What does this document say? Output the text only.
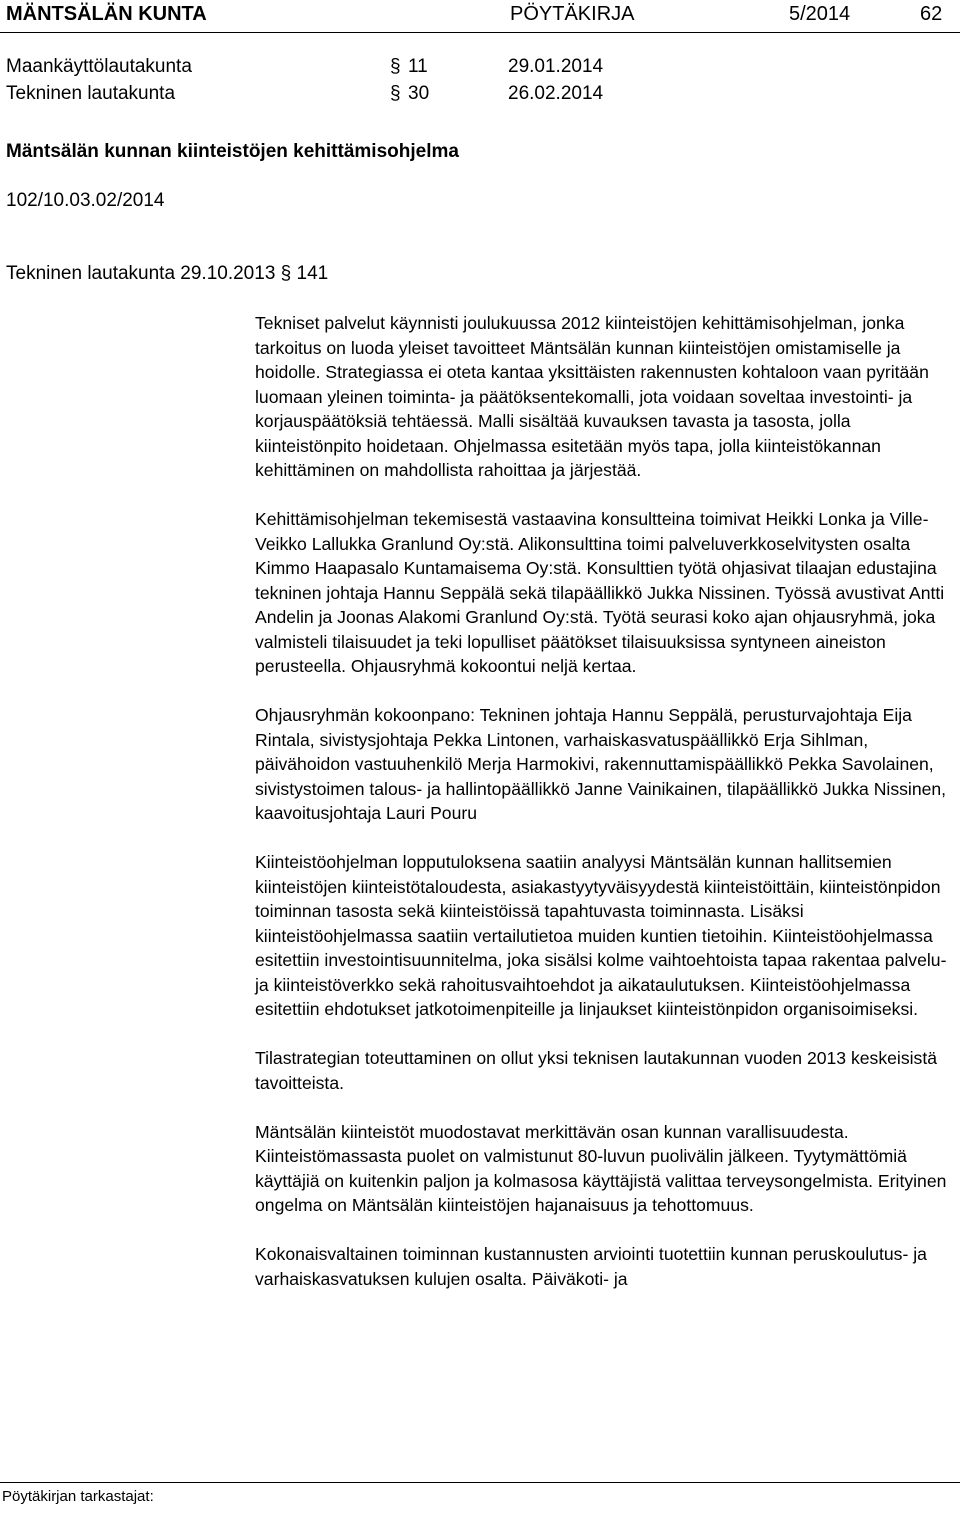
MÄNTSÄLÄN KUNTA	PÖYTÄKIRJA	5/2014	62
Maankäyttölautakunta	§ 11	29.01.2014
Tekninen lautakunta	§ 30	26.02.2014
Mäntsälän kunnan kiinteistöjen kehittämisohjelma
102/10.03.02/2014
Tekninen lautakunta 29.10.2013 § 141

Tekniset palvelut käynnisti joulukuussa 2012 kiinteistöjen kehittämisohjelman, jonka tarkoitus on luoda yleiset tavoitteet Mäntsälän kunnan kiinteistöjen omistamiselle ja hoidolle. Strategiassa ei oteta kantaa yksittäisten rakennusten kohtaloon vaan pyritään luomaan yleinen toiminta- ja päätöksentekomalli, jota voidaan soveltaa investointi- ja korjauspäätöksiä tehtäessä. Malli sisältää kuvauksen tavasta ja tasosta, jolla kiinteistönpito hoidetaan. Ohjelmassa esitetään myös tapa, jolla kiinteistökannan kehittäminen on mahdollista rahoittaa ja järjestää.

Kehittämisohjelman tekemisestä vastaavina konsultteina toimivat Heikki Lonka ja Ville-Veikko Lallukka Granlund Oy:stä. Alikonsulttina toimi palveluverkkoselvitysten osalta Kimmo Haapasalo Kuntamaisema Oy:stä. Konsulttien työtä ohjasivat tilaajan edustajina tekninen johtaja Hannu Seppälä sekä tilapäällikkö Jukka Nissinen. Työssä avustivat Antti Andelin ja Joonas Alakomi Granlund Oy:stä. Työtä seurasi koko ajan ohjausryhmä, joka valmisteli tilaisuudet ja teki lopulliset päätökset tilaisuuksissa syntyneen aineiston perusteella. Ohjausryhmä kokoontui neljä kertaa.

Ohjausryhmän kokoonpano: Tekninen johtaja Hannu Seppälä, perusturvajohtaja Eija Rintala, sivistysjohtaja Pekka Lintonen, varhaiskasvatuspäällikkö Erja Sihlman, päivähoidon vastuuhenkilö Merja Harmokivi, rakennuttamispäällikkö Pekka Savolainen, sivistystoimen talous- ja hallintopäällikkö Janne Vainikainen, tilapäällikkö Jukka Nissinen, kaavoitusjohtaja Lauri Pouru

Kiinteistöohjelman lopputuloksena saatiin analyysi Mäntsälän kunnan hallitsemien kiinteistöjen kiinteistötaloudesta, asiakastyytyväisyydestä kiinteistöittäin, kiinteistönpidon toiminnan tasosta sekä kiinteistöissä tapahtuvasta toiminnasta. Lisäksi kiinteistöohjelmassa saatiin vertailutietoa muiden kuntien tietoihin. Kiinteistöohjelmassa esitettiin investointisuunnitelma, joka sisälsi kolme vaihtoehtoista tapaa rakentaa palvelu- ja kiinteistöverkko sekä rahoitusvaihtoehdot ja aikataulutuksen. Kiinteistöohjelmassa esitettiin ehdotukset jatkotoimenpiteille ja linjaukset kiinteistönpidon organisoimiseksi.

Tilastrategian toteuttaminen on ollut yksi teknisen lautakunnan vuoden 2013 keskeisistä tavoitteista.

Mäntsälän kiinteistöt muodostavat merkittävän osan kunnan varallisuudesta. Kiinteistömassasta puolet on valmistunut 80-luvun puolivälin jälkeen. Tyytymättömiä käyttäjiä on kuitenkin paljon ja kolmasosa käyttäjistä valittaa terveysongelmista. Erityinen ongelma on Mäntsälän kiinteistöjen hajanaisuus ja tehottomuus.

Kokonaisvaltainen toiminnan kustannusten arviointi tuotettiin kunnan peruskoulutus- ja varhaiskasvatuksen kulujen osalta. Päiväkoti- ja

Pöytäkirjan tarkastajat:
